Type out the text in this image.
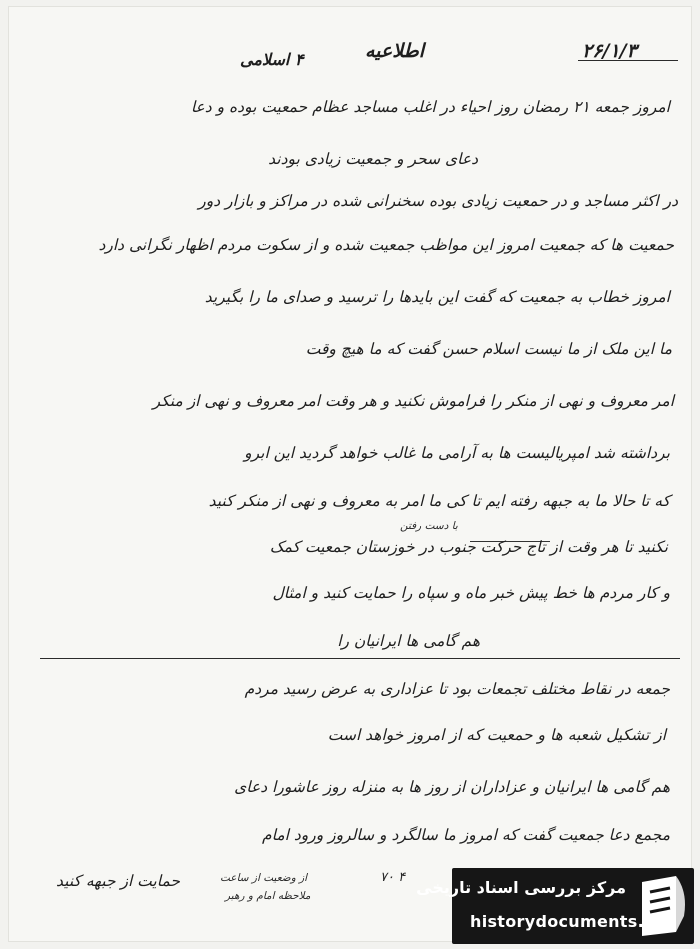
۲۶/۱/۳
اطلاعیه
۴ اسلامی
امروز جمعه ۲۱ رمضان روز احیاء در اغلب مساجد عظام حمعیت بوده و دعا
دعای سحر و جمعیت زیادی بودند
در اکثر مساجد و در حمعیت زیادی بوده سخنرانی شده در مراکز و بازار دور
حمعیت ها که جمعیت امروز این مواظب جمعیت شده و از سکوت مردم اظهار نگرانی دارد
امروز خطاب به جمعیت که گفت این بایدها را ترسید و صدای ما را بگیرید
ما این ملک از ما نیست اسلام حسن گفت که ما هیچ وقت
امر معروف و نهی از منکر را فراموش نکنید و هر وقت امر معروف و نهی از منکر
برداشته شد امپریالیست ها به آرامی ما غالب خواهد گردید این ابرو
که تا حالا ما به جبهه رفته ایم تا کی ما امر به معروف و نهی از منکر کنید
با دست رفتن
نکنید تا هر وقت از تاج حرکت جنوب در خوزستان جمعیت کمک
و کار مردم ها خط پیش خبر ماه و سپاه را حمایت کنید و امثال
هم گامی ها ایرانیان را
جمعه در نقاط مختلف تجمعات بود تا عزاداری به عرض رسید مردم
از تشکیل شعبه ها و حمعیت که از امروز خواهد است
هم گامی ها ایرانیان و عزاداران از روز ها به منزله روز عاشورا دعای
مجمع دعا جمعیت گفت که امروز ما سالگرد و سالروز ورود امام
حمایت از جبهه کنید	از وضعیت از ساعت
ملاحظه امام و رهبر
۴ ۷۰
مرکز بررسی اسناد تاریخی
historydocuments.ir
